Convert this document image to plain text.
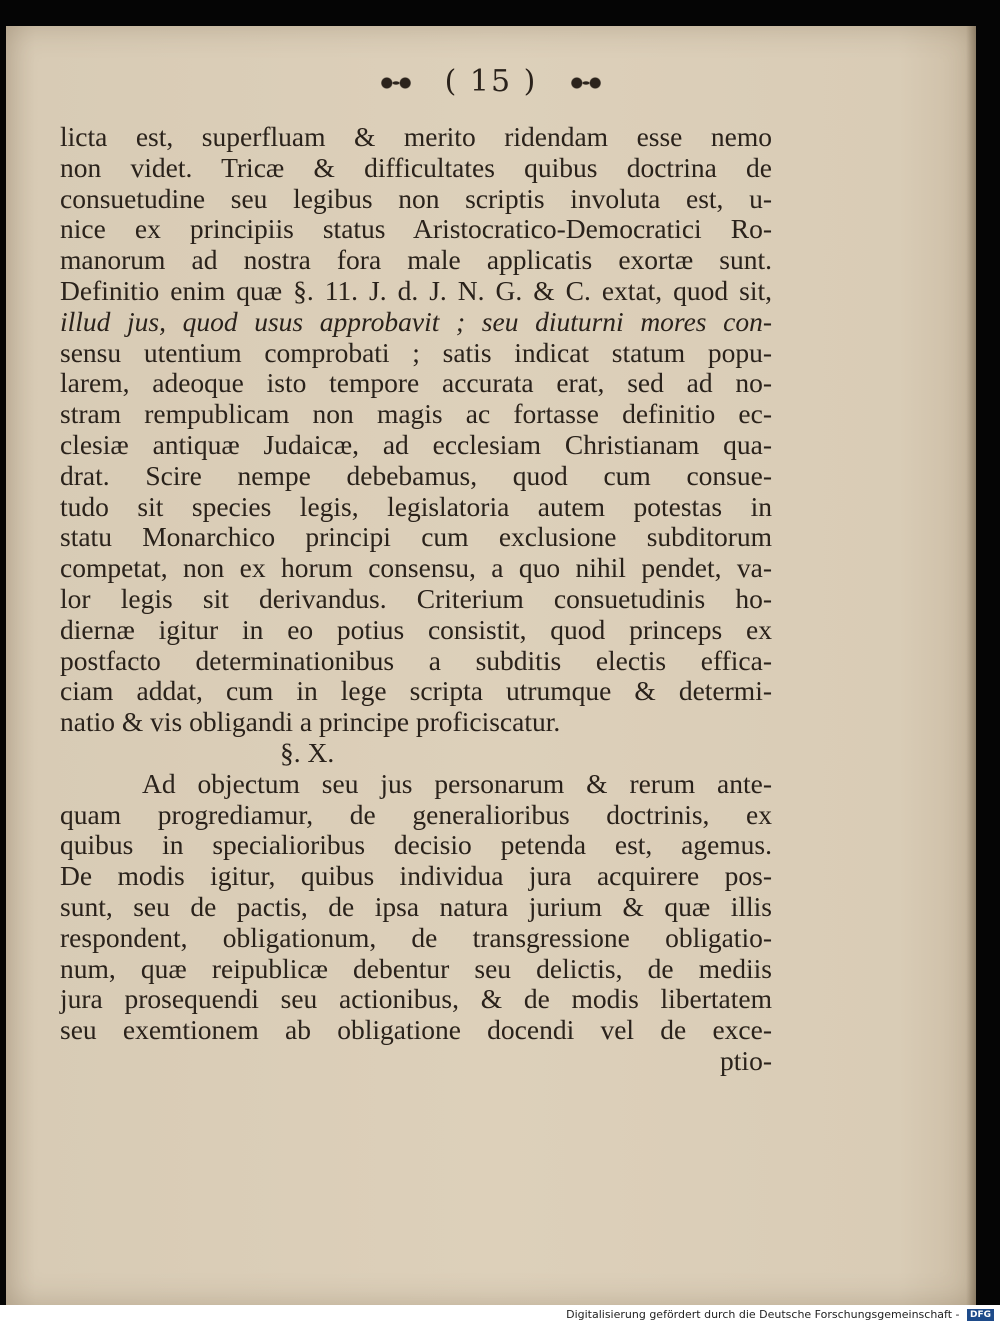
( 15 )
licta est, superfluam & merito ridendam esse nemo
non videt. Tricæ & difficultates quibus doctrina de
consuetudine seu legibus non scriptis involuta est, u-
nice ex principiis status Aristocratico-Democratici Ro-
manorum ad nostra fora male applicatis exortæ sunt.
Definitio enim quæ §. 11. J. d. J. N. G. & C. extat, quod sit,
illud jus, quod usus approbavit ; seu diuturni mores con-
sensu utentium comprobati ; satis indicat statum popu-
larem, adeoque isto tempore accurata erat, sed ad no-
stram rempublicam non magis ac fortasse definitio ec-
clesiæ antiquæ Judaicæ, ad ecclesiam Christianam qua-
drat. Scire nempe debebamus, quod cum consue-
tudo sit species legis, legislatoria autem potestas in
statu Monarchico principi cum exclusione subditorum
competat, non ex horum consensu, a quo nihil pendet, va-
lor legis sit derivandus. Criterium consuetudinis ho-
diernæ igitur in eo potius consistit, quod princeps ex
postfacto determinationibus a subditis electis effica-
ciam addat, cum in lege scripta utrumque & determi-
natio & vis obligandi a principe proficiscatur.
§. X.
Ad objectum seu jus personarum & rerum ante-
quam progrediamur, de generalioribus doctrinis, ex
quibus in specialioribus decisio petenda est, agemus.
De modis igitur, quibus individua jura acquirere pos-
sunt, seu de pactis, de ipsa natura jurium & quæ illis
respondent, obligationum, de transgressione obligatio-
num, quæ reipublicæ debentur seu delictis, de mediis
jura prosequendi seu actionibus, & de modis libertatem
seu exemtionem ab obligatione docendi vel de exce-
ptio-
Digitalisierung gefördert durch die Deutsche Forschungsgemeinschaft - DFG
